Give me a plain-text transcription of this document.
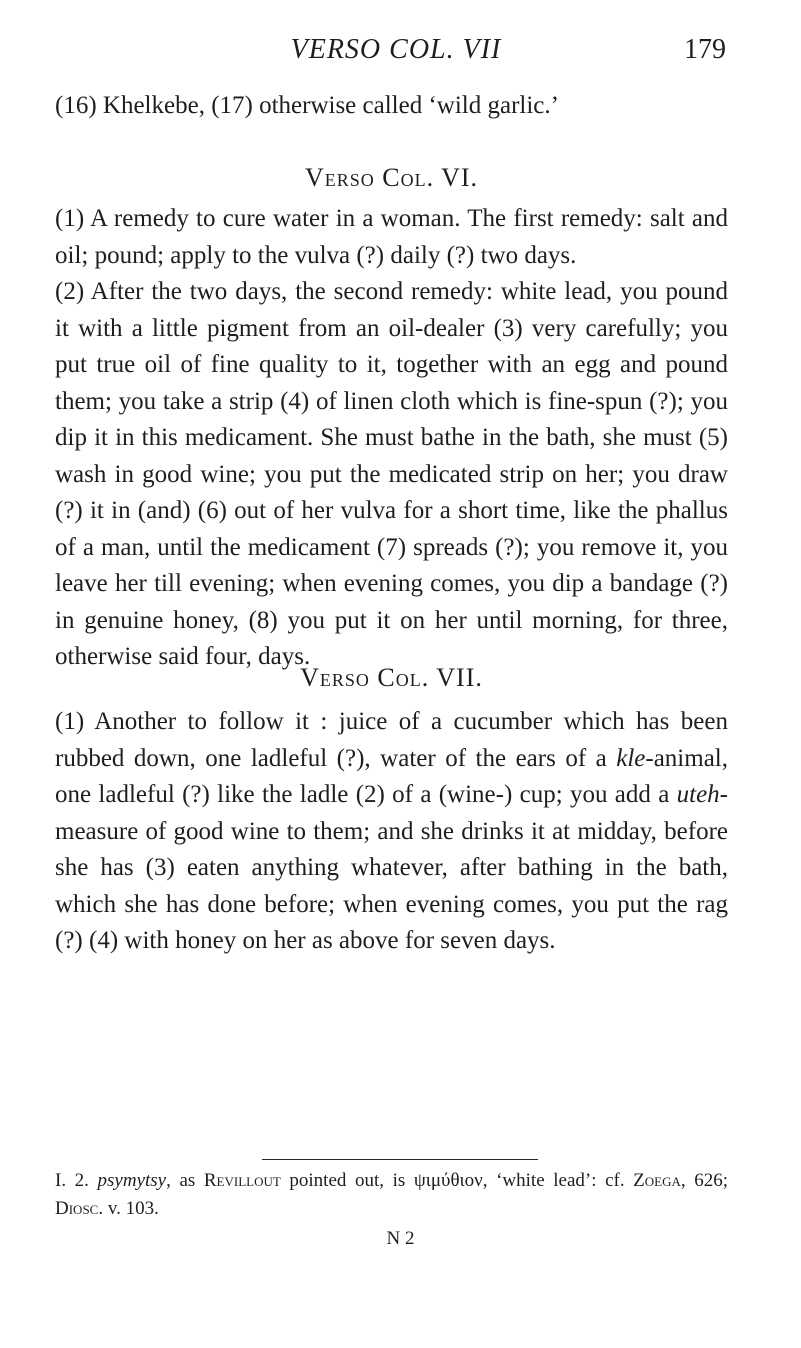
VERSO COL. VII	179

(16) Khelkebe, (17) otherwise called ‘wild garlic.’

Verso Col. VI.

(1) A remedy to cure water in a woman. The first remedy: salt and oil; pound; apply to the vulva (?) daily (?) two days.

(2) After the two days, the second remedy: white lead, you pound it with a little pigment from an oil-dealer (3) very carefully; you put true oil of fine quality to it, together with an egg and pound them; you take a strip (4) of linen cloth which is fine-spun (?); you dip it in this medicament. She must bathe in the bath, she must (5) wash in good wine; you put the medicated strip on her; you draw (?) it in (and) (6) out of her vulva for a short time, like the phallus of a man, until the medicament (7) spreads (?); you remove it, you leave her till evening; when evening comes, you dip a bandage (?) in genuine honey, (8) you put it on her until morning, for three, otherwise said four, days.

Verso Col. VII.

(1) Another to follow it : juice of a cucumber which has been rubbed down, one ladleful (?), water of the ears of a kle-animal, one ladleful (?) like the ladle (2) of a (wine-) cup; you add a uteh-measure of good wine to them; and she drinks it at midday, before she has (3) eaten anything whatever, after bathing in the bath, which she has done before; when evening comes, you put the rag (?) (4) with honey on her as above for seven days.

I. 2. psymytsy, as Revillout pointed out, is ψιμύθιον, ‘white lead’: cf. Zoega, 626; Diosc. v. 103.
N 2
